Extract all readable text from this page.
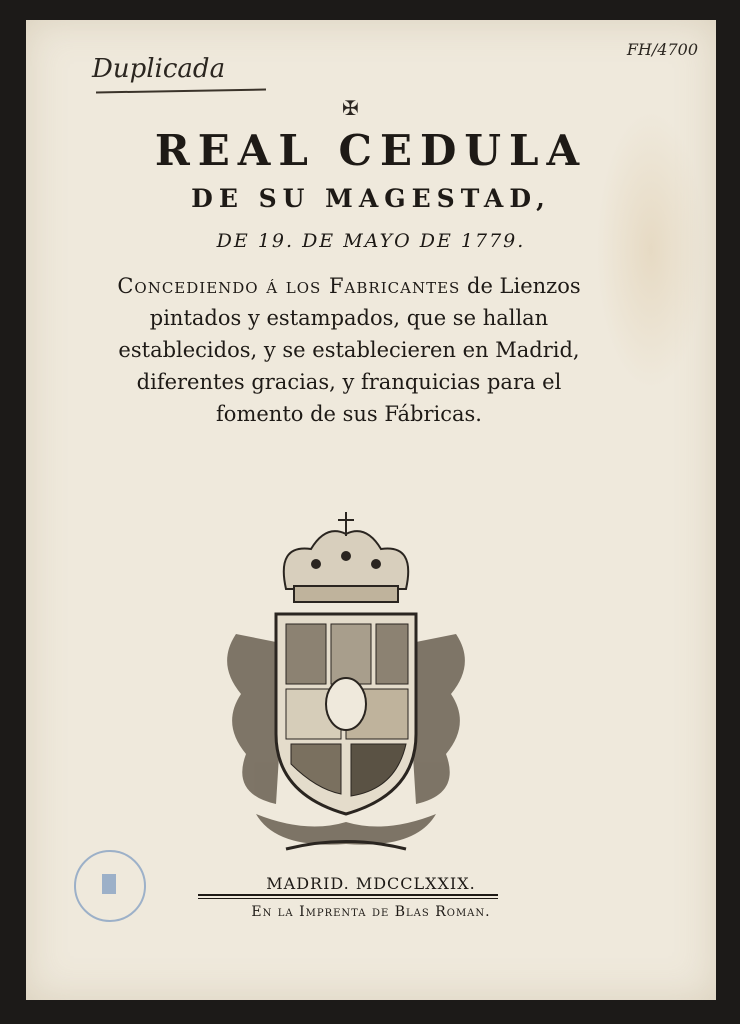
Duplicada
FH/4700
✠
REAL CEDULA
DE SU MAGESTAD,
DE 19. DE MAYO DE 1779.
Concediendo á los Fabricantes de Lienzos pintados y estampados, que se hallan establecidos, y se establecieren en Madrid, diferentes gracias, y franquicias para el fomento de sus Fábricas.
MADRID. MDCCLXXIX.
En la Imprenta de Blas Roman.
